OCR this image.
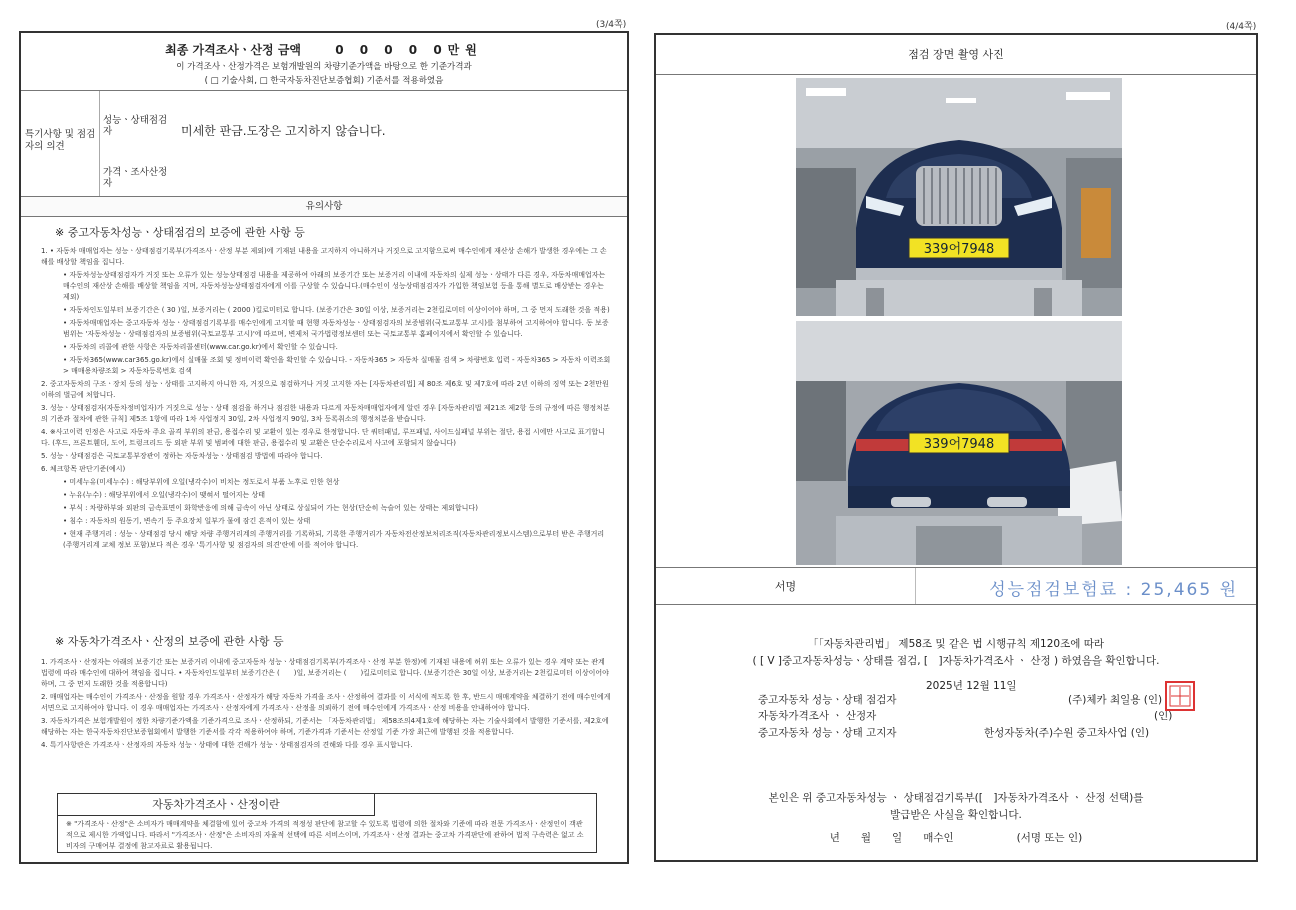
(3/4쪽)
최종 가격조사ㆍ산정 금액	0 0 0 0 0만원
이 가격조사ㆍ산정가격은 보험개발원의 차량기준가액을 바탕으로 한 기준가격과
( □ 기술사회, □ 한국자동차진단보증협회) 기준서를 적용하였음
특기사항 및 점검자의 의견
성능ㆍ상태점검자	미세한 판금.도장은 고지하지 않습니다.
가격ㆍ조사산정자
유의사항
※ 중고자동차성능ㆍ상태점검의 보증에 관한 사항 등

1. • 자동차 매매업자는 성능ㆍ상태점검기록부(가격조사ㆍ산정 부분 제외)에 기재된 내용을 고지하지 아니하거나 거짓으로 고지함으로써 매수인에게 재산상 손해가 발생한 경우에는 그 손해를 배상할 책임을 집니다.

• 자동차성능상태점검자가 거짓 또는 오류가 있는 성능상태점검 내용을 제공하여 아래의 보증기간 또는 보증거리 이내에 자동차의 실제 성능ㆍ상태가 다른 경우, 자동차매매업자는 매수인의 재산상 손해를 배상할 책임을 지며, 자동차성능상태점검자에게 이를 구상할 수 있습니다.(매수인이 성능상태점검자가 가입한 책임보험 등을 통해 별도로 배상받는 경우는 제외)

• 자동차인도일부터 보증기간은 ( 30 )일, 보증거리는 ( 2000 )킬로미터로 합니다. (보증기간은 30일 이상, 보증거리는 2천킬로미터 이상이어야 하며, 그 중 먼저 도래한 것을 적용)

• 자동차매매업자는 중고자동차 성능ㆍ상태점검기록부를 매수인에게 고지할 때 현행 자동차성능ㆍ상태점검자의 보증범위(국토교통부 고시)를 첨부하여 고지하여야 합니다. 동 보증범위는 '자동차성능ㆍ상태점검자의 보증범위(국토교통부 고시)'에 따르며, 변제처 국가법령정보센터 또는 국토교통부 홈페이지에서 확인할 수 있습니다.

• 자동차의 리콜에 관한 사항은 자동차리콜센터(www.car.go.kr)에서 확인할 수 있습니다.

• 자동차365(www.car365.go.kr)에서 실매물 조회 및 정비이력 확인을 확인할 수 있습니다. - 자동차365 > 자동차 실매물 검색 > 차량번호 입력 - 자동차365 > 자동차 이력조회 > 매매용차량조회 > 자동차등록번호 검색

2. 중고자동차의 구조ㆍ장치 등의 성능ㆍ상태를 고지하지 아니한 자, 거짓으로 점검하거나 거짓 고지한 자는 [자동차관리법] 제 80조 제6호 및 제7호에 따라 2년 이하의 징역 또는 2천만원 이하의 벌금에 처합니다.

3. 성능ㆍ상태점검자(자동차정비업자)가 거짓으로 성능ㆍ상태 점검을 하거나 점검한 내용과 다르게 자동차매매업자에게 알린 경우 [자동차관리법 제21조 제2항 등의 규정에 따른 행정처분의 기준과 절차에 관한 규칙] 제5조 1항에 따라 1차 사업정지 30일, 2차 사업정지 90일, 3차 등록취소의 행정처분을 받습니다.

4. ※사고이력 인정은 사고로 자동차 주요 골격 부위의 판금, 용접수리 및 교환이 있는 경우로 한정합니다. 단 쿼터패널, 루프패널, 사이드실패널 부위는 절단, 용접 시에만 사고로 표기합니다. (후드, 프론트휀더, 도어, 트렁크리드 등 외판 부위 및 범퍼에 대한 판금, 용접수리 및 교환은 단순수리로서 사고에 포함되지 않습니다)

5. 성능ㆍ상태점검은 국토교통부장관이 정하는 자동차성능ㆍ상태점검 방법에 따라야 합니다.

6. 체크항목 판단기준(예시)

• 미세누유(미세누수) : 해당부위에 오일(냉각수)이 비치는 정도로서 부품 노후로 인한 현상

• 누유(누수) : 해당부위에서 오일(냉각수)이 맺혀서 떨어지는 상태

• 부식 : 차량하부와 외판의 금속표면이 화학반응에 의해 금속이 아닌 상태로 상실되어 가는 현상(단순히 녹슬어 있는 상태는 제외합니다)

• 침수 : 자동차의 원동기, 변속기 등 주요장치 일부가 물에 잠긴 흔적이 있는 상태

• 현재 주행거리 : 성능ㆍ상태점검 당시 해당 차량 주행거리계의 주행거리를 기록하되, 기록한 주행거리가 자동차전산정보처리조직(자동차관리정보시스템)으로부터 받은 주행거리(주행거리계 교체 정보 포함)보다 적은 경우 '특기사항 및 점검자의 의견'란에 이를 적어야 합니다.

※ 자동차가격조사ㆍ산정의 보증에 관한 사항 등

1. 가격조사ㆍ산정자는 아래의 보증기간 또는 보증거리 이내에 중고자동차 성능ㆍ상태점검기록부(가격조사ㆍ산정 부분 한정)에 기재된 내용에 허위 또는 오류가 있는 경우 계약 또는 관계법령에 따라 매수인에 대하여 책임을 집니다. • 자동차인도일부터 보증기간은 (　　)일, 보증거리는 (　　)킬로미터로 합니다. (보증기간은 30일 이상, 보증거리는 2천킬로미터 이상이어야 하며, 그 중 먼저 도래한 것을 적용합니다)

2. 매매업자는 매수인이 가격조사ㆍ산정을 원할 경우 가격조사ㆍ산정자가 해당 자동차 가격을 조사ㆍ산정하여 결과를 이 서식에 적도록 한 후, 반드시 매매계약을 체결하기 전에 매수인에게 서면으로 고지하여야 합니다. 이 경우 매매업자는 가격조사ㆍ산정자에게 가격조사ㆍ산정을 의뢰하기 전에 매수인에게 가격조사ㆍ산정 비용을 안내하여야 합니다.

3. 자동차가격은 보험개발원이 정한 차량기준가액을 기준가격으로 조사ㆍ산정하되, 기준서는 「자동차관리법」 제58조의4제1호에 해당하는 자는 기술사회에서 발행한 기준서를, 제2호에 해당하는 자는 한국자동차진단보증협회에서 발행한 기준서를 각각 적용하여야 하며, 기준가격과 기준서는 산정일 기준 가장 최근에 발행된 것을 적용합니다.

4. 특기사항란은 가격조사ㆍ산정자의 자동차 성능ㆍ상태에 대한 견해가 성능ㆍ상태점검자의 견해와 다를 경우 표시합니다.

자동차가격조사ㆍ산정이란
※ "가격조사ㆍ산정"은 소비자가 매매계약을 체결함에 있어 중고차 가격의 적정성 판단에 참고할 수 있도록 법령에 의한 절차와 기준에 따라 전문 가격조사ㆍ산정인이 객관적으로 제시한 가액입니다. 따라서 "가격조사ㆍ산정"은 소비자의 자율적 선택에 따른 서비스이며, 가격조사ㆍ산정 결과는 중고차 가격판단에 관하여 법적 구속력은 없고 소비자의 구매여부 결정에 참고자료로 활용됩니다.
(4/4쪽)
점검 장면 촬영 사진
339어7948
339어7948
서명	성능점검보험료 : 25,465 원
「「자동차관리법」 제58조 및 같은 법 시행규칙 제120조에 따라
( [ V ]중고자동차성능ㆍ상태를 점검, [　]자동차가격조사 ㆍ 산정 ) 하였음을 확인합니다.
2025년 12월 11일
중고자동차 성능ㆍ상태 점검자	(주)체카 최일용 (인)
자동차가격조사 ㆍ 산정자	(인)
중고자동차 성능ㆍ상태 고지자	한성자동차(주)수원 중고차사업 (인)
본인은 위 중고자동차성능 ㆍ 상태점검기록부([　]자동차가격조사 ㆍ 산정 선택)를
발급받은 사실을 확인합니다.
년　　월　　일　　매수인　　　　　　(서명 또는 인)
